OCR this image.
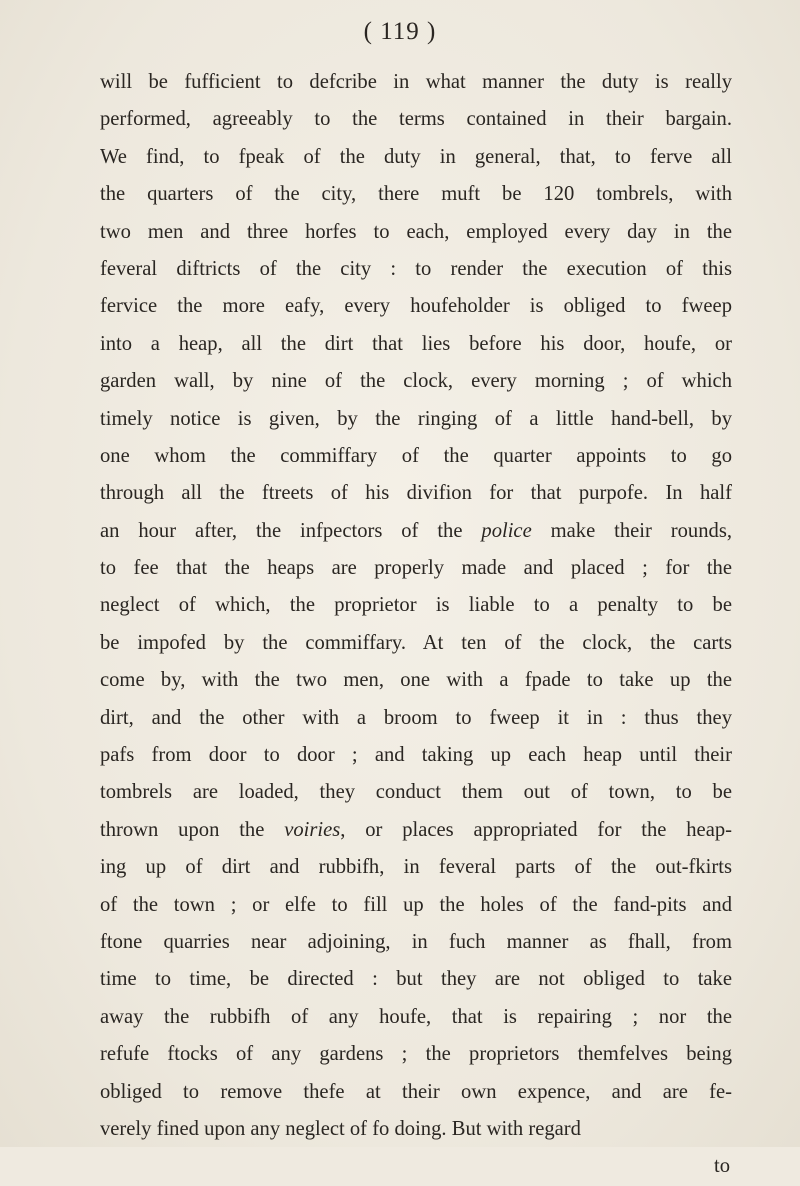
( 119 )
will be fufficient to defcribe in what manner the duty is really
performed, agreeably to the terms contained in their bargain.
We find, to fpeak of the duty in general, that, to ferve all
the quarters of the city, there muft be 120 tombrels, with
two men and three horfes to each, employed every day in the
feveral diftricts of the city : to render the execution of this
fervice the more eafy, every houfeholder is obliged to fweep
into a heap, all the dirt that lies before his door, houfe, or
garden wall, by nine of the clock, every morning ; of which
timely notice is given, by the ringing of a little hand-bell, by
one whom the commiffary of the quarter appoints to go
through all the ftreets of his divifion for that purpofe. In half
an hour after, the infpectors of the police make their rounds,
to fee that the heaps are properly made and placed ; for the
neglect of which, the proprietor is liable to a penalty to be
be impofed by the commiffary. At ten of the clock, the carts
come by, with the two men, one with a fpade to take up the
dirt, and the other with a broom to fweep it in : thus they
pafs from door to door ; and taking up each heap until their
tombrels are loaded, they conduct them out of town, to be
thrown upon the voiries, or places appropriated for the heap-
ing up of dirt and rubbifh, in feveral parts of the out-fkirts
of the town ; or elfe to fill up the holes of the fand-pits and
ftone quarries near adjoining, in fuch manner as fhall, from
time to time, be directed : but they are not obliged to take
away the rubbifh of any houfe, that is repairing ; nor the
refufe ftocks of any gardens ; the proprietors themfelves being
obliged to remove thefe at their own expence, and are fe-
verely fined upon any neglect of fo doing. But with regard
to
